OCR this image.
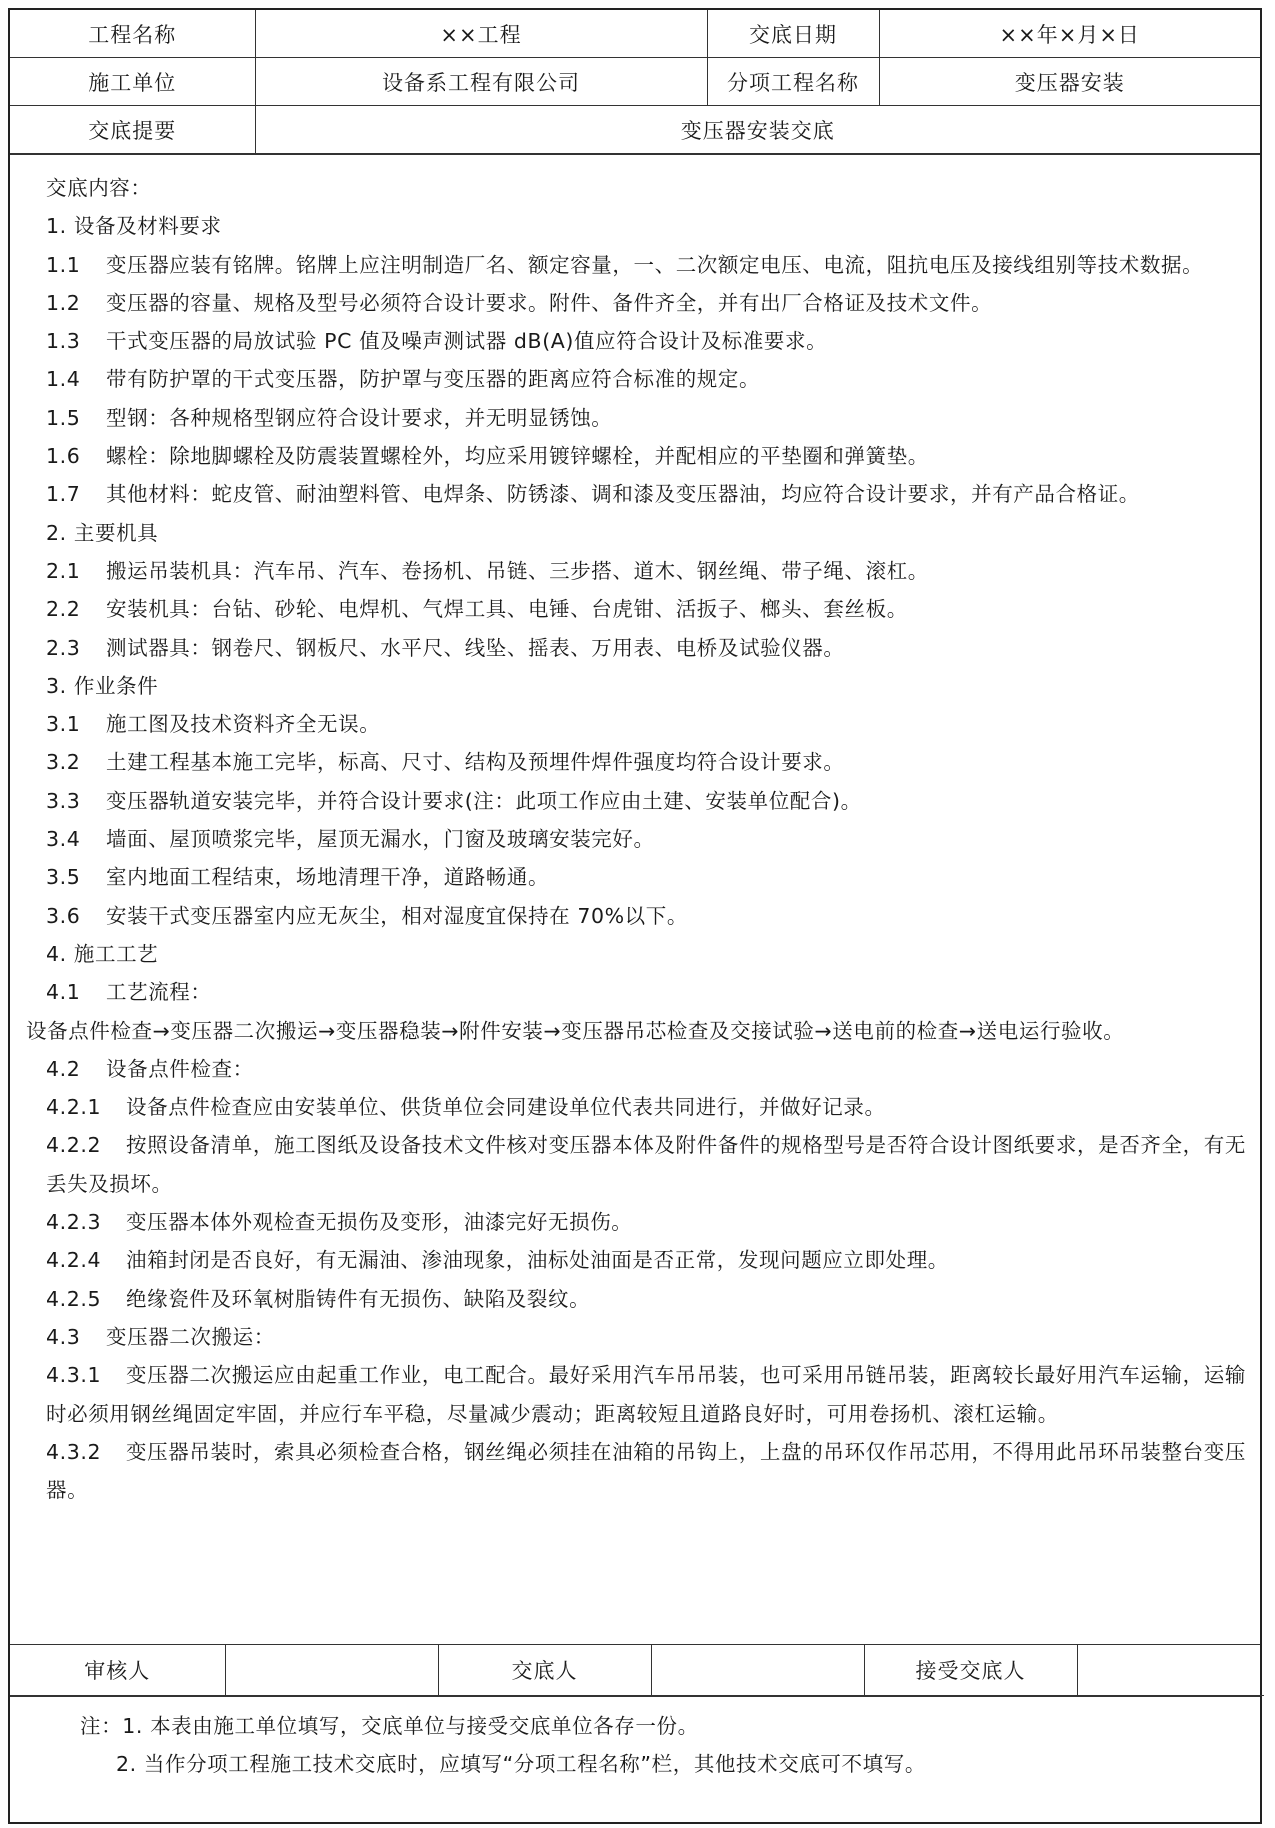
工程名称	××工程	交底日期	××年×月×日
施工单位	设备系工程有限公司	分项工程名称	变压器安装
交底提要	变压器安装交底		
交底内容：
1. 设备及材料要求
1.1 变压器应装有铭牌。铭牌上应注明制造厂名、额定容量，一、二次额定电压、电流，阻抗电压及接线组别等技术数据。
1.2 变压器的容量、规格及型号必须符合设计要求。附件、备件齐全，并有出厂合格证及技术文件。
1.3 干式变压器的局放试验 PC 值及噪声测试器 dB(A)值应符合设计及标准要求。
1.4 带有防护罩的干式变压器，防护罩与变压器的距离应符合标准的规定。
1.5 型钢：各种规格型钢应符合设计要求，并无明显锈蚀。
1.6 螺栓：除地脚螺栓及防震装置螺栓外，均应采用镀锌螺栓，并配相应的平垫圈和弹簧垫。
1.7 其他材料：蛇皮管、耐油塑料管、电焊条、防锈漆、调和漆及变压器油，均应符合设计要求，并有产品合格证。
2. 主要机具
2.1 搬运吊装机具：汽车吊、汽车、卷扬机、吊链、三步搭、道木、钢丝绳、带子绳、滚杠。
2.2 安装机具：台钻、砂轮、电焊机、气焊工具、电锤、台虎钳、活扳子、榔头、套丝板。
2.3 测试器具：钢卷尺、钢板尺、水平尺、线坠、摇表、万用表、电桥及试验仪器。
3. 作业条件
3.1 施工图及技术资料齐全无误。
3.2 土建工程基本施工完毕，标高、尺寸、结构及预埋件焊件强度均符合设计要求。
3.3 变压器轨道安装完毕，并符合设计要求(注：此项工作应由土建、安装单位配合)。
3.4 墙面、屋顶喷浆完毕，屋顶无漏水，门窗及玻璃安装完好。
3.5 室内地面工程结束，场地清理干净，道路畅通。
3.6 安装干式变压器室内应无灰尘，相对湿度宜保持在 70%以下。
4. 施工工艺
4.1 工艺流程：
设备点件检查→变压器二次搬运→变压器稳装→附件安装→变压器吊芯检查及交接试验→送电前的检查→送电运行验收。
4.2 设备点件检查：
4.2.1 设备点件检查应由安装单位、供货单位会同建设单位代表共同进行，并做好记录。
4.2.2 按照设备清单，施工图纸及设备技术文件核对变压器本体及附件备件的规格型号是否符合设计图纸要求，是否齐全，有无丢失及损坏。
4.2.3 变压器本体外观检查无损伤及变形，油漆完好无损伤。
4.2.4 油箱封闭是否良好，有无漏油、渗油现象，油标处油面是否正常，发现问题应立即处理。
4.2.5 绝缘瓷件及环氧树脂铸件有无损伤、缺陷及裂纹。
4.3 变压器二次搬运：
4.3.1 变压器二次搬运应由起重工作业，电工配合。最好采用汽车吊吊装，也可采用吊链吊装，距离较长最好用汽车运输，运输时必须用钢丝绳固定牢固，并应行车平稳，尽量减少震动；距离较短且道路良好时，可用卷扬机、滚杠运输。
4.3.2 变压器吊装时，索具必须检查合格，钢丝绳必须挂在油箱的吊钩上，上盘的吊环仅作吊芯用，不得用此吊环吊装整台变压器。
审核人		交底人		接受交底人	
注：1. 本表由施工单位填写，交底单位与接受交底单位各存一份。
2. 当作分项工程施工技术交底时，应填写“分项工程名称”栏，其他技术交底可不填写。
